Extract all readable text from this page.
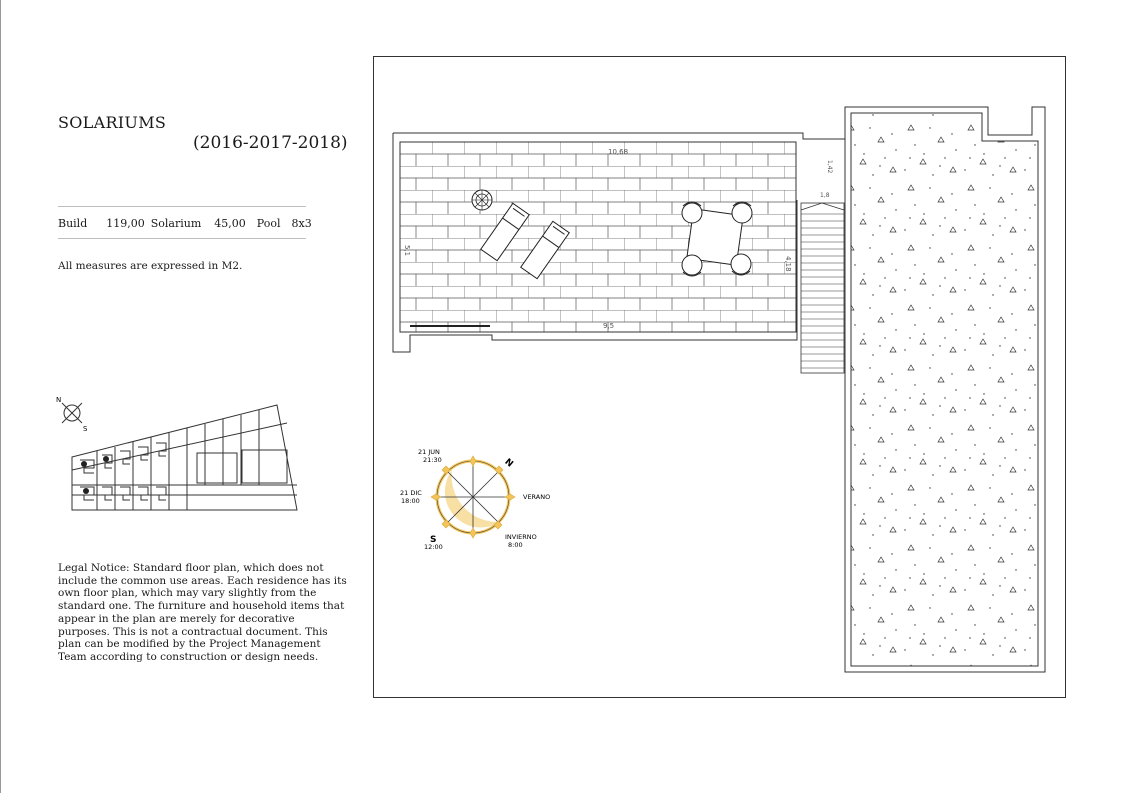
SOLARIUMS
(2016-2017-2018)
Build 119,00 Solarium 45,00 Pool 8x3
All measures are expressed in M2.
N
S
Legal Notice: Standard floor plan, which does not include the common use areas. Each residence has its own floor plan, which may vary slightly from the standard one. The furniture and household items that appear in the plan are merely for decorative purposes. This is not a contractual document. This plan can be modified by the Project Management Team according to construction or design needs.
10,68
9,5
5,1
4,18
1,42
1,8
21 JUN
21:30
21 DIC
18:00
N
S
12:00
VERANO
INVIERNO
8:00
